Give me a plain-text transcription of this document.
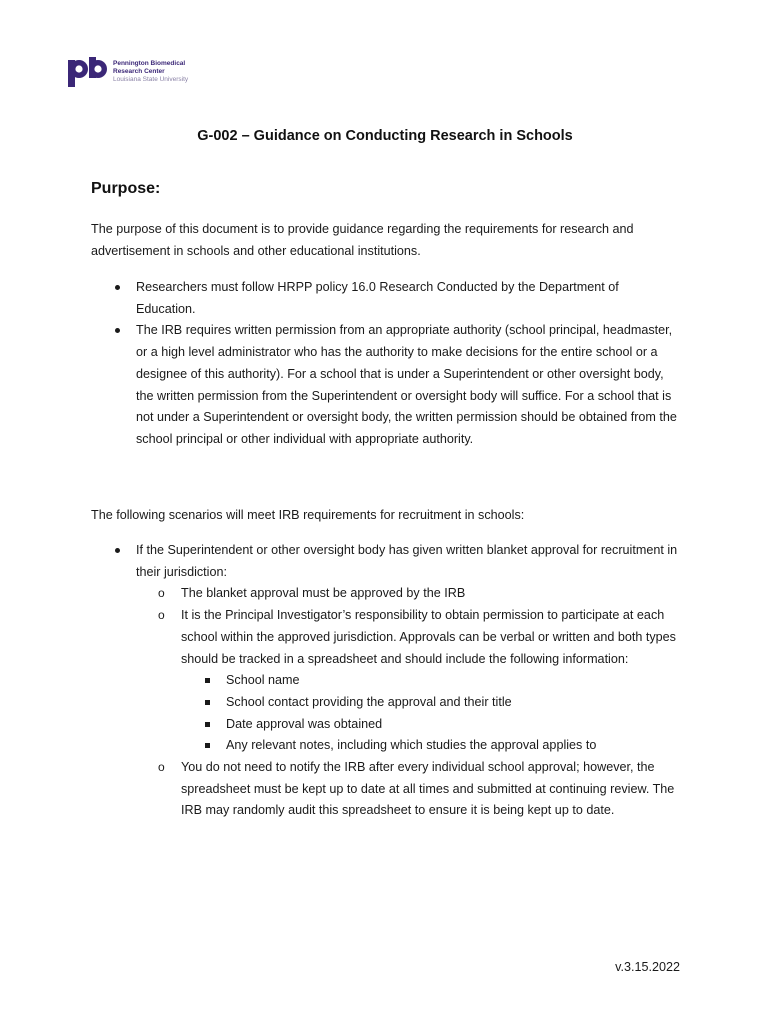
Pennington Biomedical
Research Center
Louisiana State University
G-002 – Guidance on Conducting Research in Schools
Purpose:
The purpose of this document is to provide guidance regarding the requirements for research and advertisement in schools and other educational institutions.
Researchers must follow HRPP policy 16.0 Research Conducted by the Department of Education.
The IRB requires written permission from an appropriate authority (school principal, headmaster, or a high level administrator who has the authority to make decisions for the entire school or a designee of this authority). For a school that is under a Superintendent or other oversight body, the written permission from the Superintendent or oversight body will suffice. For a school that is not under a Superintendent or oversight body, the written permission should be obtained from the school principal or other individual with appropriate authority.
The following scenarios will meet IRB requirements for recruitment in schools:
If the Superintendent or other oversight body has given written blanket approval for recruitment in their jurisdiction:
o The blanket approval must be approved by the IRB
o It is the Principal Investigator’s responsibility to obtain permission to participate at each school within the approved jurisdiction. Approvals can be verbal or written and both types should be tracked in a spreadsheet and should include the following information:
School name
School contact providing the approval and their title
Date approval was obtained
Any relevant notes, including which studies the approval applies to
o You do not need to notify the IRB after every individual school approval; however, the spreadsheet must be kept up to date at all times and submitted at continuing review. The IRB may randomly audit this spreadsheet to ensure it is being kept up to date.
v.3.15.2022
